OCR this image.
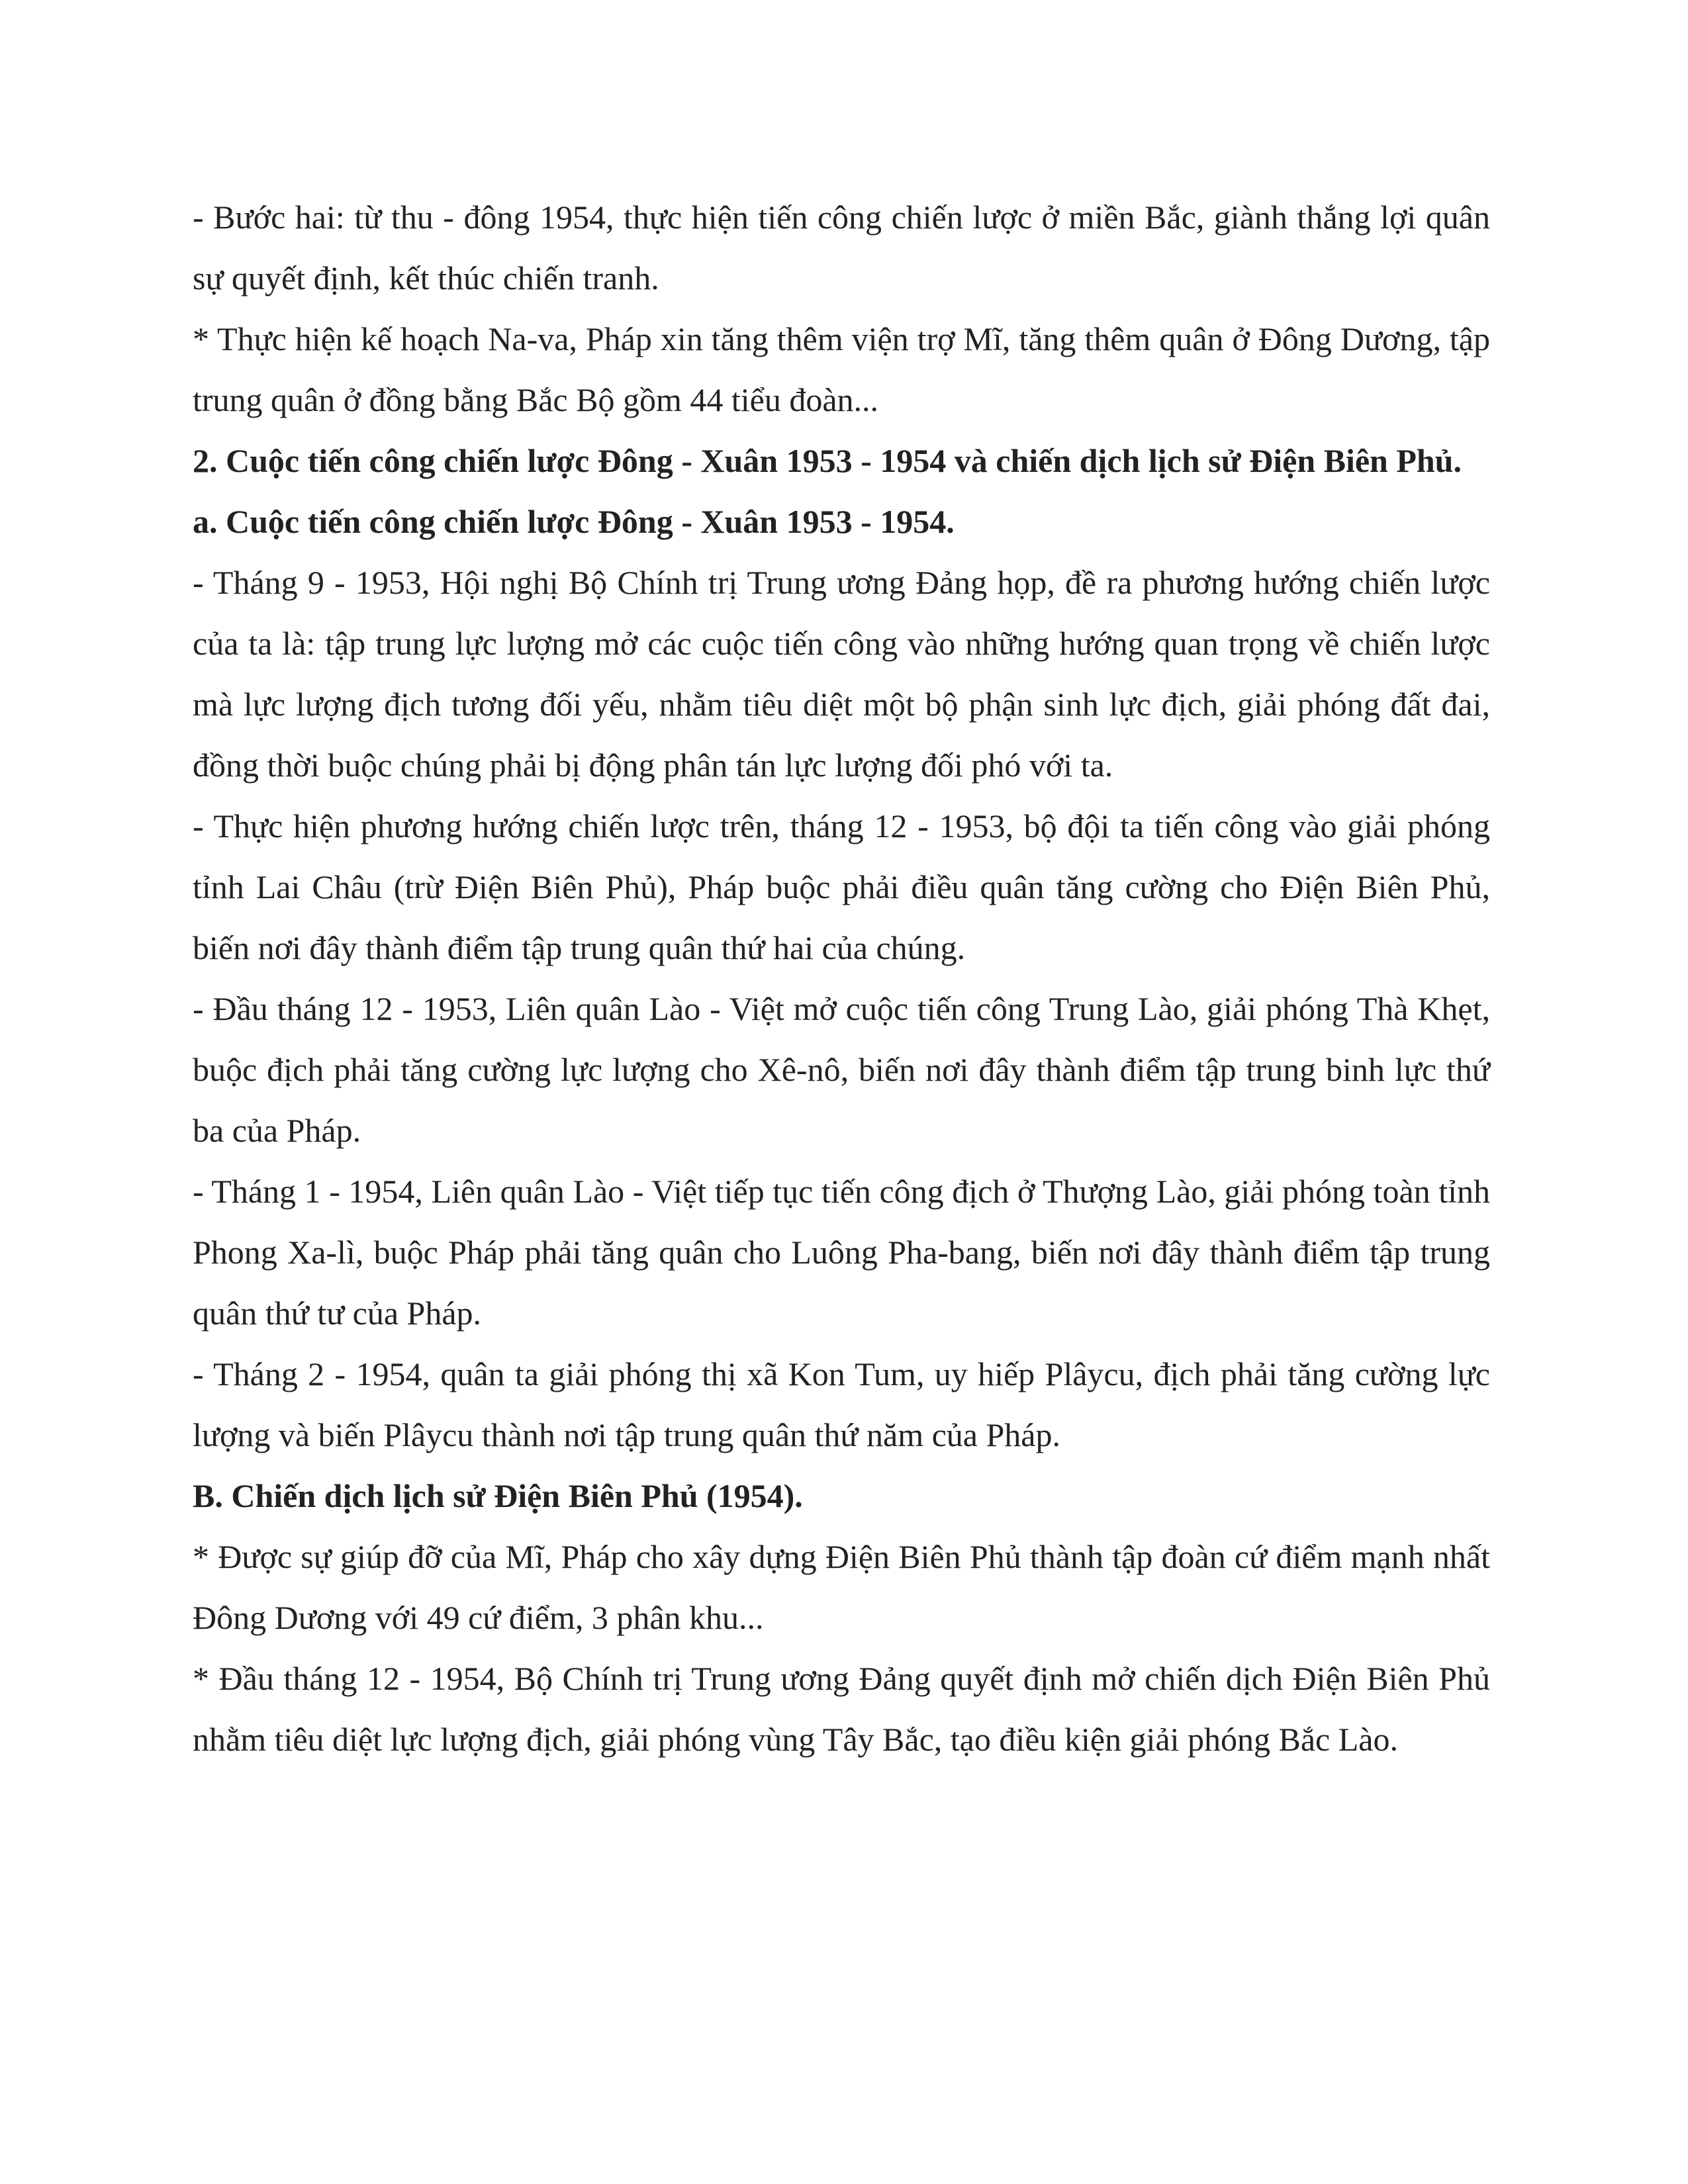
- Bước hai: từ thu - đông 1954, thực hiện tiến công chiến lược ở miền Bắc, giành thắng lợi quân sự quyết định, kết thúc chiến tranh.

* Thực hiện kế hoạch Na-va, Pháp xin tăng thêm viện trợ Mĩ, tăng thêm quân ở Đông Dương, tập trung quân ở đồng bằng Bắc Bộ gồm 44 tiểu đoàn...

2. Cuộc tiến công chiến lược Đông - Xuân 1953 - 1954 và chiến dịch lịch sử Điện Biên Phủ.

a. Cuộc tiến công chiến lược Đông - Xuân 1953 - 1954.

- Tháng 9 - 1953, Hội nghị Bộ Chính trị Trung ương Đảng họp, đề ra phương hướng chiến lược của ta là: tập trung lực lượng mở các cuộc tiến công vào những hướng quan trọng về chiến lược mà lực lượng địch tương đối yếu, nhằm tiêu diệt một bộ phận sinh lực địch, giải phóng đất đai, đồng thời buộc chúng phải bị động phân tán lực lượng đối phó với ta.

- Thực hiện phương hướng chiến lược trên, tháng 12 - 1953, bộ đội ta tiến công vào giải phóng tỉnh Lai Châu (trừ Điện Biên Phủ), Pháp buộc phải điều quân tăng cường cho Điện Biên Phủ, biến nơi đây thành điểm tập trung quân thứ hai của chúng.

- Đầu tháng 12 - 1953, Liên quân Lào - Việt mở cuộc tiến công Trung Lào, giải phóng Thà Khẹt, buộc địch phải tăng cường lực lượng cho Xê-nô, biến nơi đây thành điểm tập trung binh lực thứ ba của Pháp.

- Tháng 1 - 1954, Liên quân Lào - Việt tiếp tục tiến công địch ở Thượng Lào, giải phóng toàn tỉnh Phong Xa-lì, buộc Pháp phải tăng quân cho Luông Pha-bang, biến nơi đây thành điểm tập trung quân thứ tư của Pháp.

- Tháng 2 - 1954, quân ta giải phóng thị xã Kon Tum, uy hiếp Plâycu, địch phải tăng cường lực lượng và biến Plâycu thành nơi tập trung quân thứ năm của Pháp.

B. Chiến dịch lịch sử Điện Biên Phủ (1954).

* Được sự giúp đỡ của Mĩ, Pháp cho xây dựng Điện Biên Phủ thành tập đoàn cứ điểm mạnh nhất Đông Dương với 49 cứ điểm, 3 phân khu...

* Đầu tháng 12 - 1954, Bộ Chính trị Trung ương Đảng quyết định mở chiến dịch Điện Biên Phủ nhằm tiêu diệt lực lượng địch, giải phóng vùng Tây Bắc, tạo điều kiện giải phóng Bắc Lào.
